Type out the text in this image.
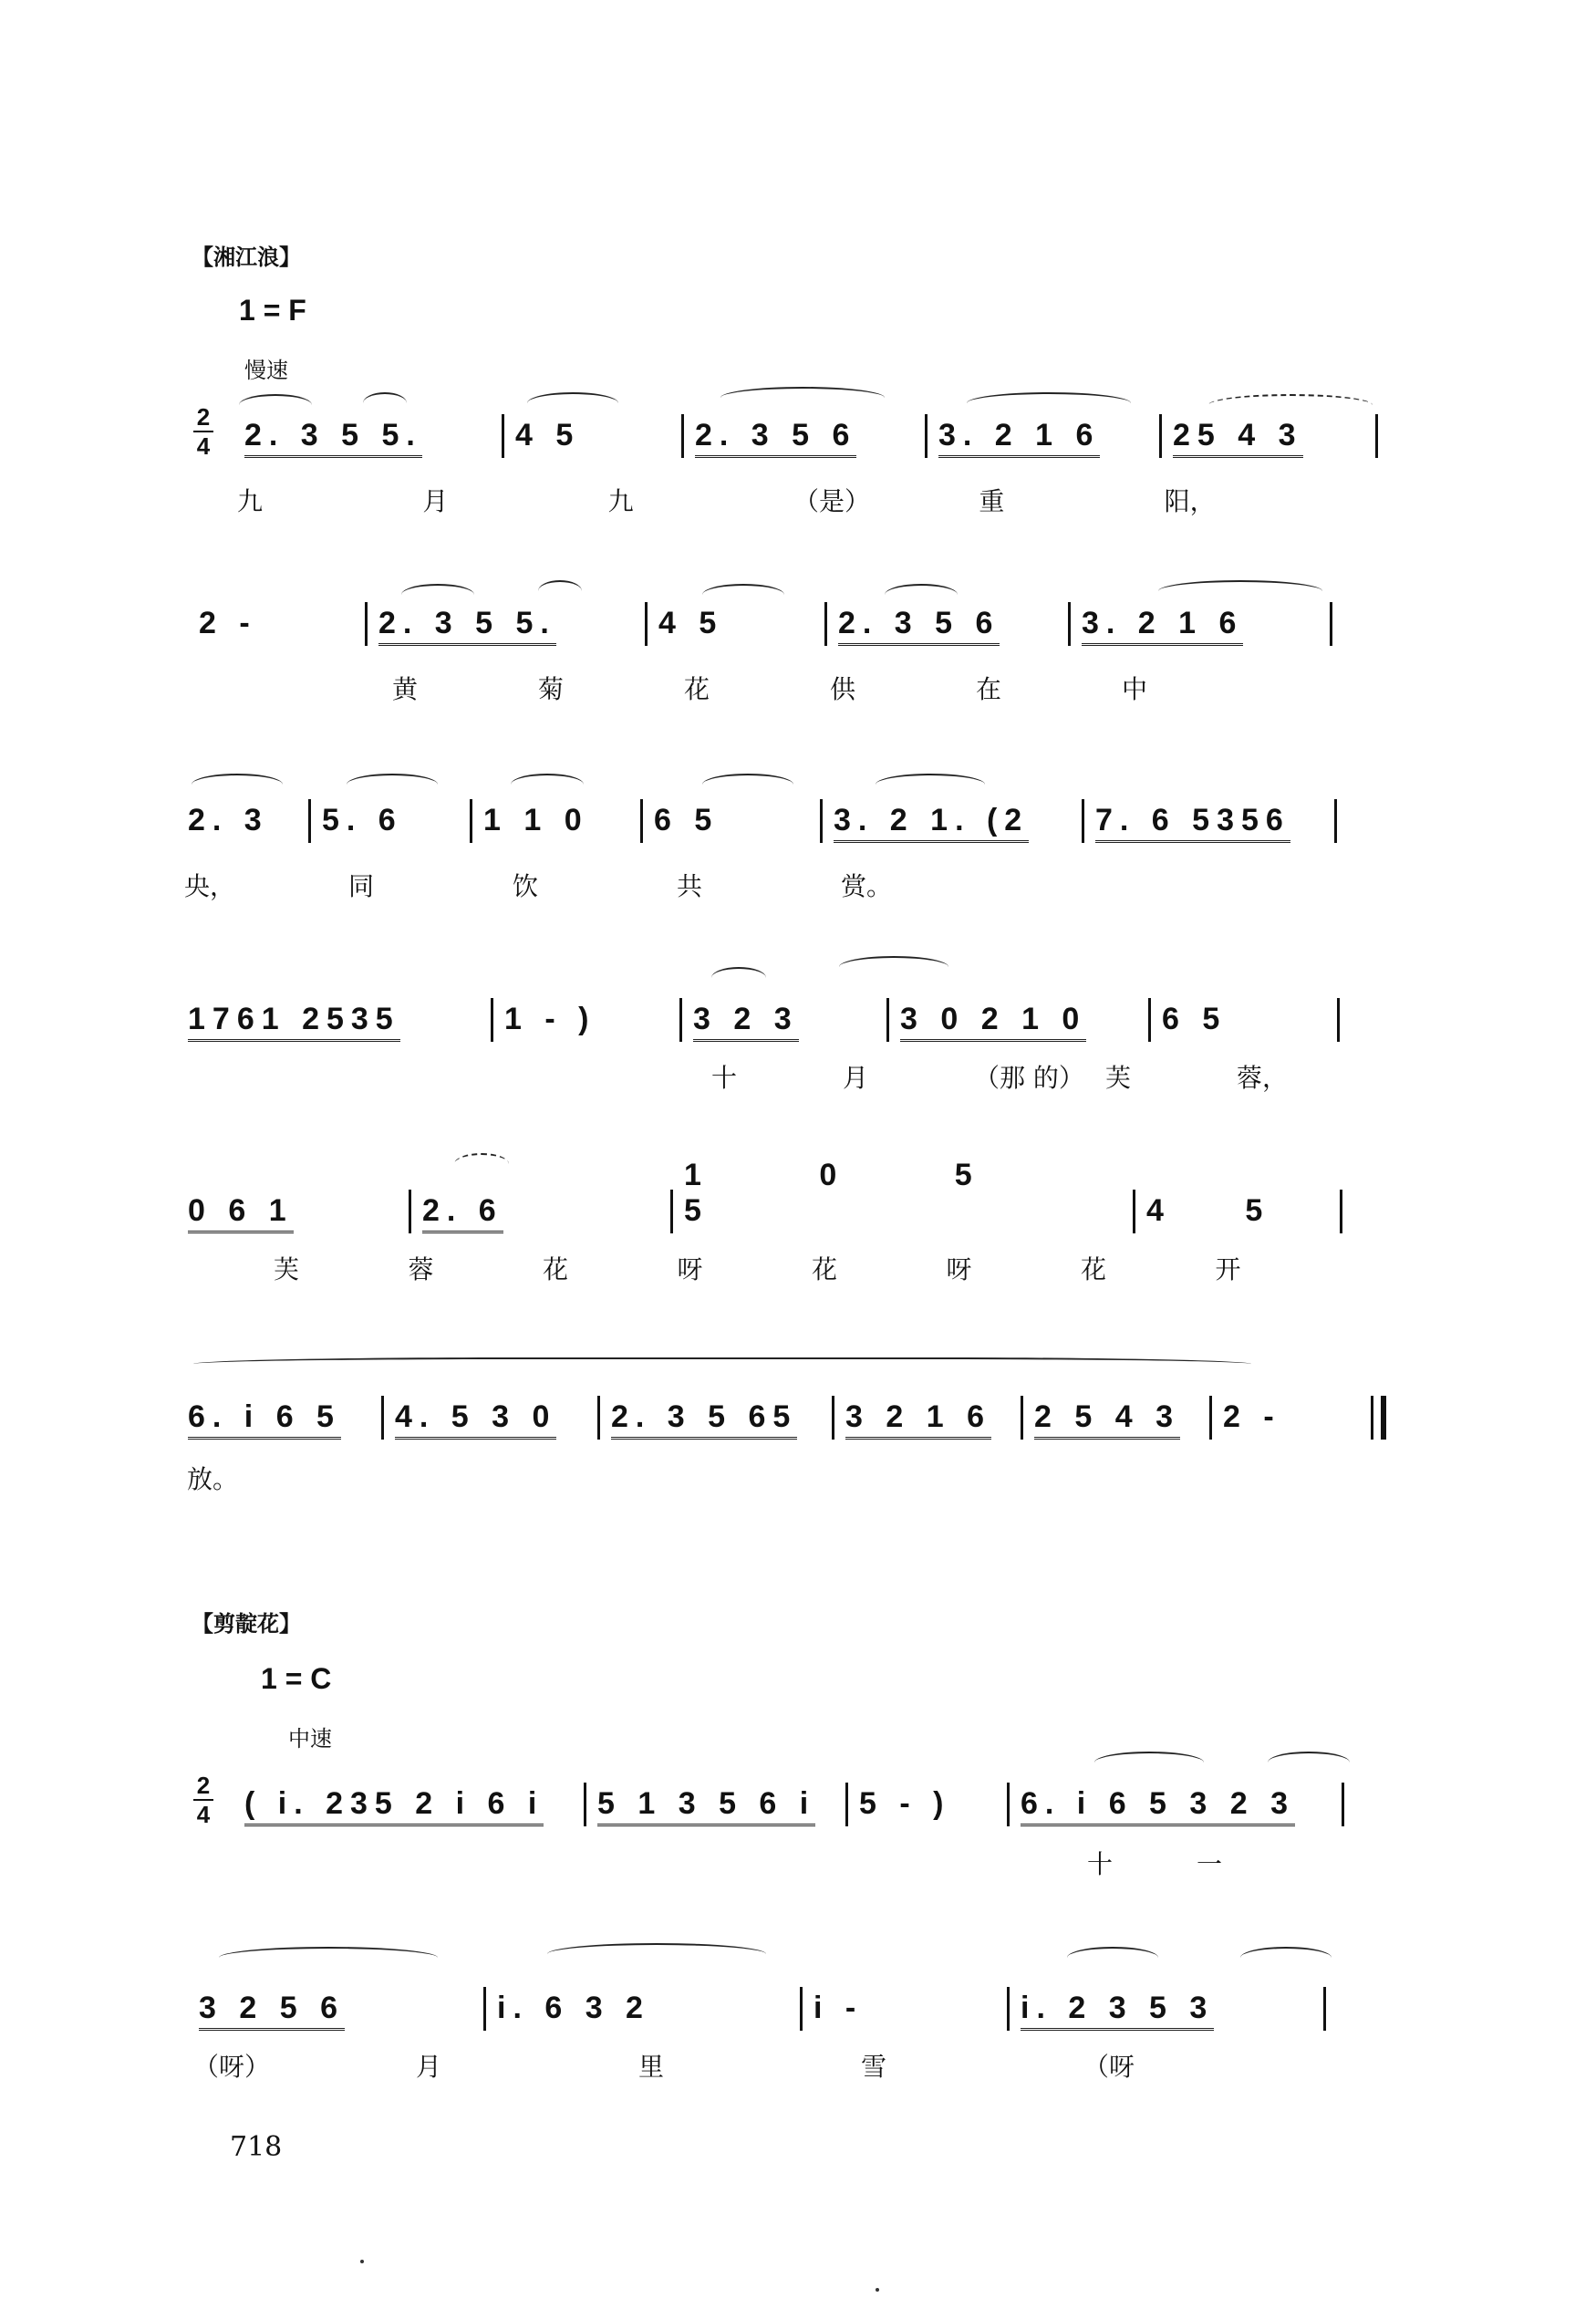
【湘江浪】
1 = F
慢速
2
4 2. 3 5 5.	4 5	2. 3 5 6	3. 2 1 6 25 4 3
九	月	九	（是）	重	阳，
2 -	2. 3 5 5.	4 5	2. 3 5 6	3. 2 1 6
黄	菊	花	供	在	中
2. 3 5. 6	1 1 0 6 5	3. 2 1. (2 7. 6 5356
央，	同	饮	共	赏。
1761 2535	1 - )	3 2 3	3 0 2 1 0 6 5
十	月	（那 的） 芙	蓉，
0 6 1	2. 6
1 0 5 5	4 5
芙	蓉	花	呀	花	呀	花	开
6. i 6 5 4. 5 3 0 2. 3 5 65 3 2 1 6 2 5 4 3 2 -
放。
【剪靛花】
1 = C
中速
2
4 ( i. 235 2 i 6 i 5 1 3 5 6 i 5 - ) 6. i 6 5 3 2 3
十	一
3 2 5 6	i. 6 3 2	i -	i. 2 3 5 3
（呀）	月	里	雪	（呀
718
